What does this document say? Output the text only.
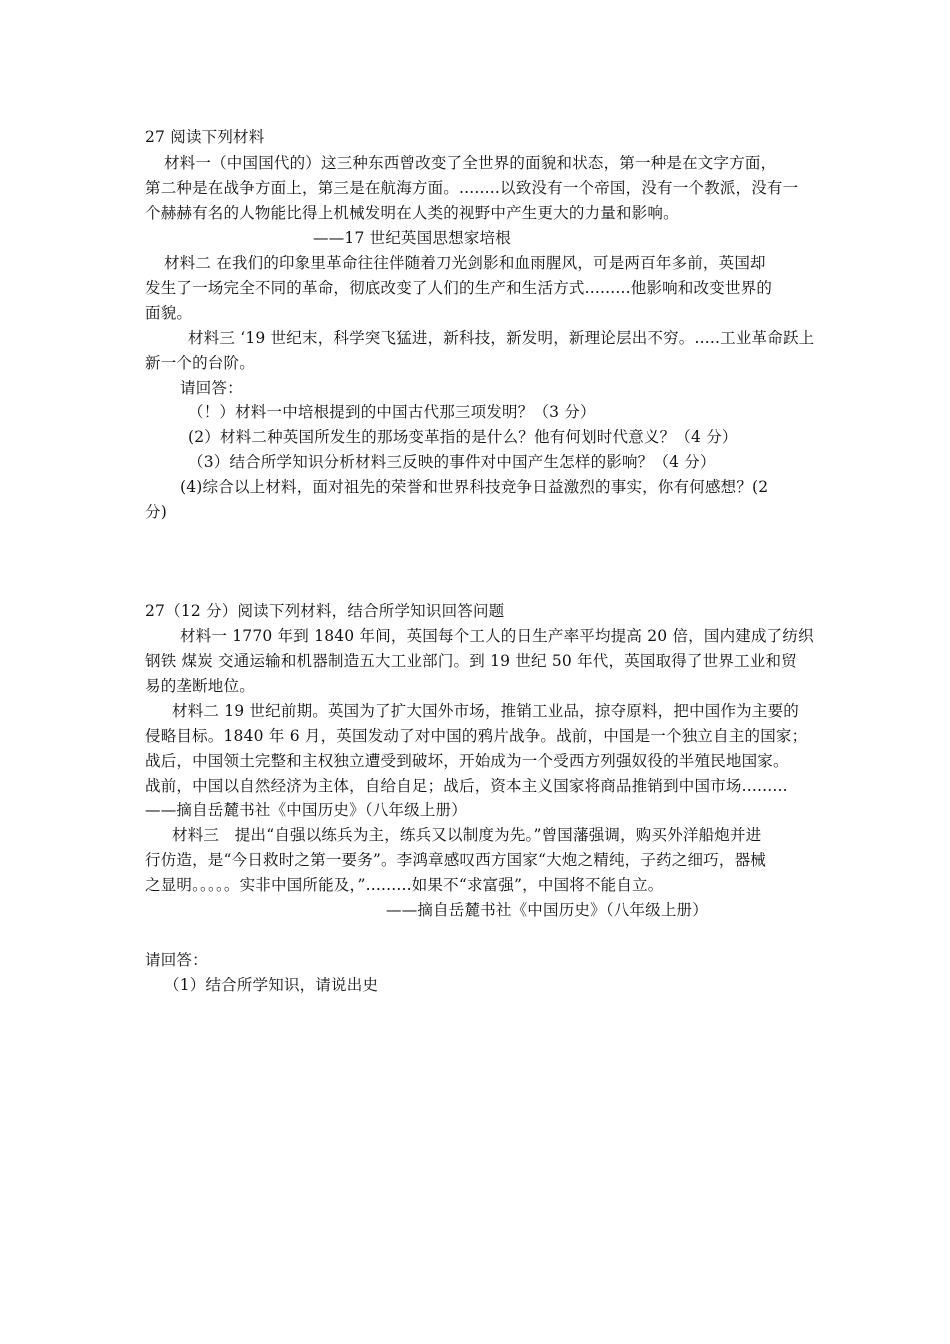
27 阅读下列材料
材料一（中国国代的）这三种东西曾改变了全世界的面貌和状态，第一种是在文字方面，
第二种是在战争方面上，第三是在航海方面。........以致没有一个帝国，没有一个教派，没有一
个赫赫有名的人物能比得上机械发明在人类的视野中产生更大的力量和影响。
——17 世纪英国思想家培根
材料二 在我们的印象里革命往往伴随着刀光剑影和血雨腥风，可是两百年多前，英国却
发生了一场完全不同的革命，彻底改变了人们的生产和生活方式.........他影响和改变世界的
面貌。
材料三 ‘19 世纪末，科学突飞猛进，新科技，新发明，新理论层出不穷。.....工业革命跃上
新一个的台阶。
请回答：
（！）材料一中培根提到的中国古代那三项发明？（3 分）
(2）材料二种英国所发生的那场变革指的是什么？他有何划时代意义？（4 分）
（3）结合所学知识分析材料三反映的事件对中国产生怎样的影响？（4 分）
(4)综合以上材料，面对祖先的荣誉和世界科技竞争日益激烈的事实，你有何感想？(2
分)
27（12 分）阅读下列材料，结合所学知识回答问题
材料一 1770 年到 1840 年间，英国每个工人的日生产率平均提高 20 倍，国内建成了纺织
钢铁 煤炭 交通运输和机器制造五大工业部门。到 19 世纪 50 年代，英国取得了世界工业和贸
易的垄断地位。
材料二 19 世纪前期。英国为了扩大国外市场，推销工业品，掠夺原料，把中国作为主要的
侵略目标。1840 年 6 月，英国发动了对中国的鸦片战争。战前，中国是一个独立自主的国家；
战后，中国领土完整和主权独立遭受到破坏，开始成为一个受西方列强奴役的半殖民地国家。
战前，中国以自然经济为主体，自给自足；战后，资本主义国家将商品推销到中国市场.........
——摘自岳麓书社《中国历史》（八年级上册）
材料三　提出“自强以练兵为主，练兵又以制度为先。”曾国藩强调，购买外洋船炮并进
行仿造，是“今日救时之第一要务”。李鸿章感叹西方国家“大炮之精纯，子药之细巧，器械
之显明。。。。。实非中国所能及，”.........如果不“求富强”，中国将不能自立。
——摘自岳麓书社《中国历史》（八年级上册）
请回答：
（1）结合所学知识，请说出史
